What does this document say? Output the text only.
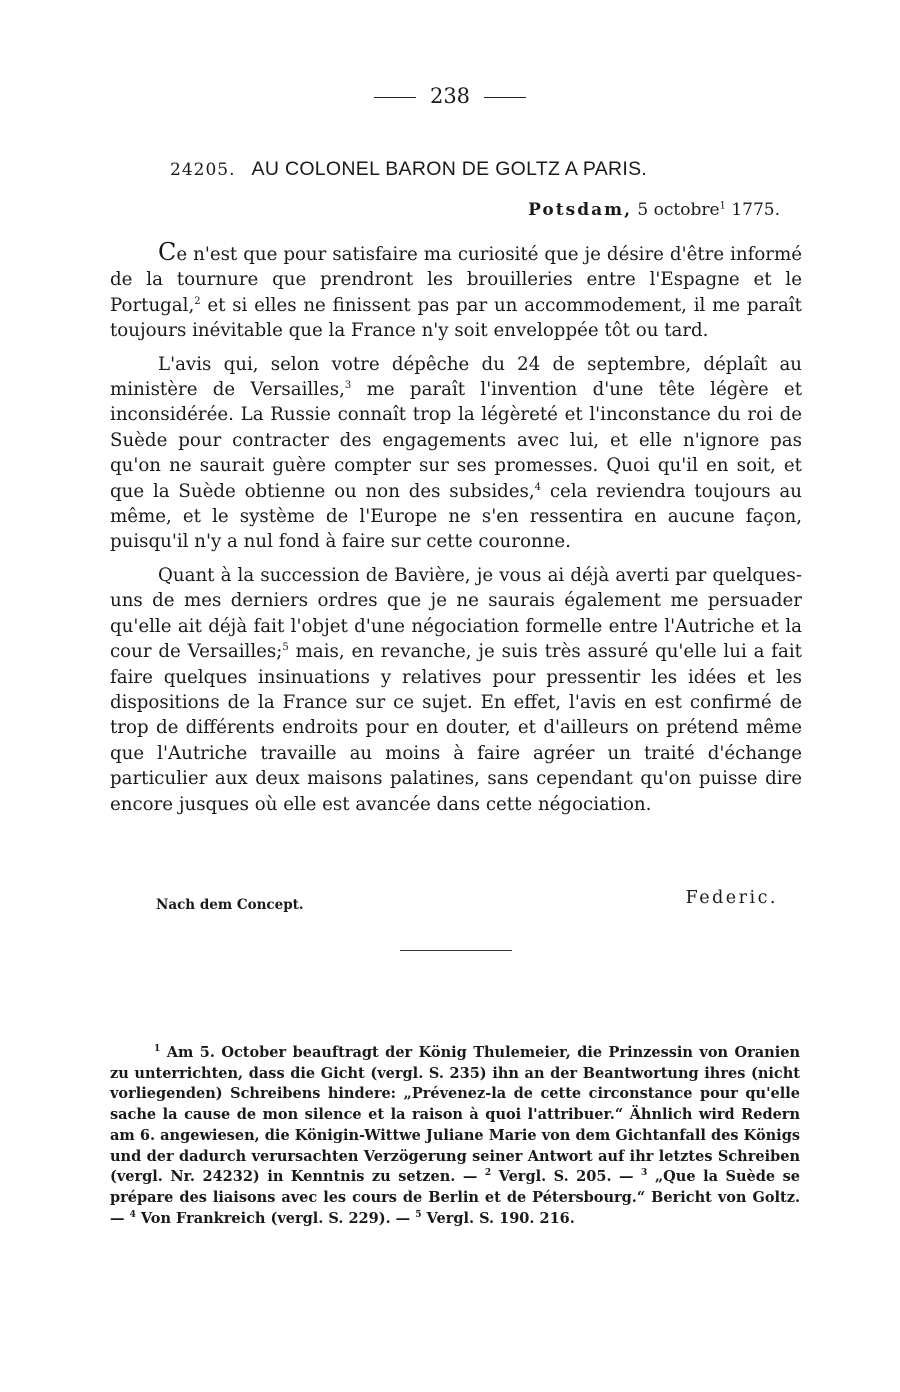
238
24205. AU COLONEL BARON DE GOLTZ A PARIS.
Potsdam, 5 octobre$^1$ 1775.

Ce n'est que pour satisfaire ma curiosité que je désire d'être informé de la tournure que prendront les brouilleries entre l'Espagne et le Portugal,$^2$ et si elles ne finissent pas par un accommodement, il me paraît toujours inévitable que la France n'y soit enveloppée tôt ou tard.

L'avis qui, selon votre dépêche du 24 de septembre, déplaît au ministère de Versailles,$^3$ me paraît l'invention d'une tête légère et inconsidérée. La Russie connaît trop la légèreté et l'inconstance du roi de Suède pour contracter des engagements avec lui, et elle n'ignore pas qu'on ne saurait guère compter sur ses promesses. Quoi qu'il en soit, et que la Suède obtienne ou non des subsides,$^4$ cela reviendra toujours au même, et le système de l'Europe ne s'en ressentira en aucune façon, puisqu'il n'y a nul fond à faire sur cette couronne.

Quant à la succession de Bavière, je vous ai déjà averti par quelques-uns de mes derniers ordres que je ne saurais également me persuader qu'elle ait déjà fait l'objet d'une négociation formelle entre l'Autriche et la cour de Versailles;$^5$ mais, en revanche, je suis très assuré qu'elle lui a fait faire quelques insinuations y relatives pour pressentir les idées et les dispositions de la France sur ce sujet. En effet, l'avis en est confirmé de trop de différents endroits pour en douter, et d'ailleurs on prétend même que l'Autriche travaille au moins à faire agréer un traité d'échange particulier aux deux maisons palatines, sans cependant qu'on puisse dire encore jusques où elle est avancée dans cette négociation.

Nach dem Concept.	Federic.

$^1$ Am 5. October beauftragt der König Thulemeier, die Prinzessin von Oranien zu unterrichten, dass die Gicht (vergl. S. 235) ihn an der Beantwortung ihres (nicht vorliegenden) Schreibens hindere: „Prévenez-la de cette circonstance pour qu'elle sache la cause de mon silence et la raison à quoi l'attribuer.“ Ähnlich wird Redern am 6. angewiesen, die Königin-Wittwe Juliane Marie von dem Gichtanfall des Königs und der dadurch verursachten Verzögerung seiner Antwort auf ihr letztes Schreiben (vergl. Nr. 24232) in Kenntnis zu setzen. — $^2$ Vergl. S. 205. — $^3$ „Que la Suède se prépare des liaisons avec les cours de Berlin et de Pétersbourg.“ Bericht von Goltz. — $^4$ Von Frankreich (vergl. S. 229). — $^5$ Vergl. S. 190. 216.
